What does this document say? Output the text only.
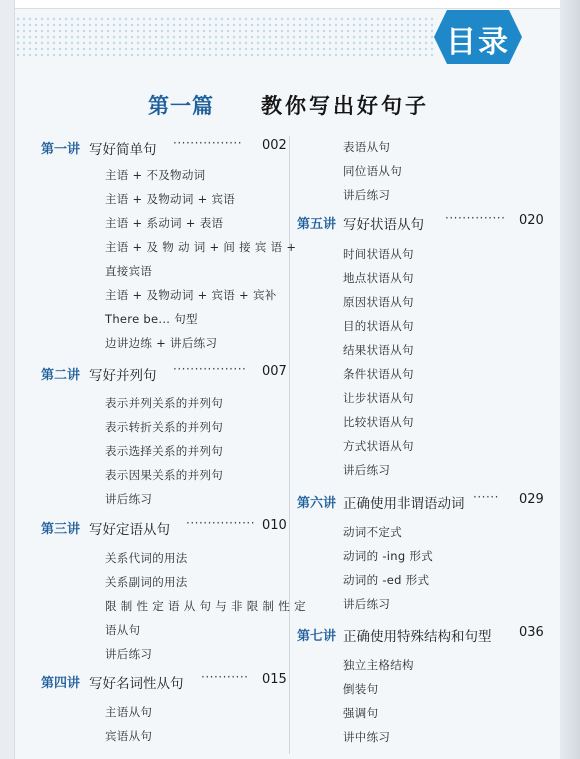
目录
第一篇 教你写出好句子
第一讲 写好简单句 ················ 002
主语 + 不及物动词
主语 + 及物动词 + 宾语
主语 + 系动词 + 表语
主语 + 及 物 动 词 + 间 接 宾 语 +
直接宾语
主语 + 及物动词 + 宾语 + 宾补
There be... 句型
边讲边练 + 讲后练习
第二讲 写好并列句 ················· 007
表示并列关系的并列句
表示转折关系的并列句
表示选择关系的并列句
表示因果关系的并列句
讲后练习
第三讲 写好定语从句 ················ 010
关系代词的用法
关系副词的用法
限 制 性 定 语 从 句 与 非 限 制 性 定
语从句
讲后练习
第四讲 写好名词性从句 ··········· 015
主语从句
宾语从句
表语从句
同位语从句
讲后练习
第五讲 写好状语从句 ·············· 020
时间状语从句
地点状语从句
原因状语从句
目的状语从句
结果状语从句
条件状语从句
让步状语从句
比较状语从句
方式状语从句
讲后练习
第六讲 正确使用非谓语动词 ······ 029
动词不定式
动词的 -ing 形式
动词的 -ed 形式
讲后练习
第七讲 正确使用特殊结构和句型 036
独立主格结构
倒装句
强调句
讲中练习
